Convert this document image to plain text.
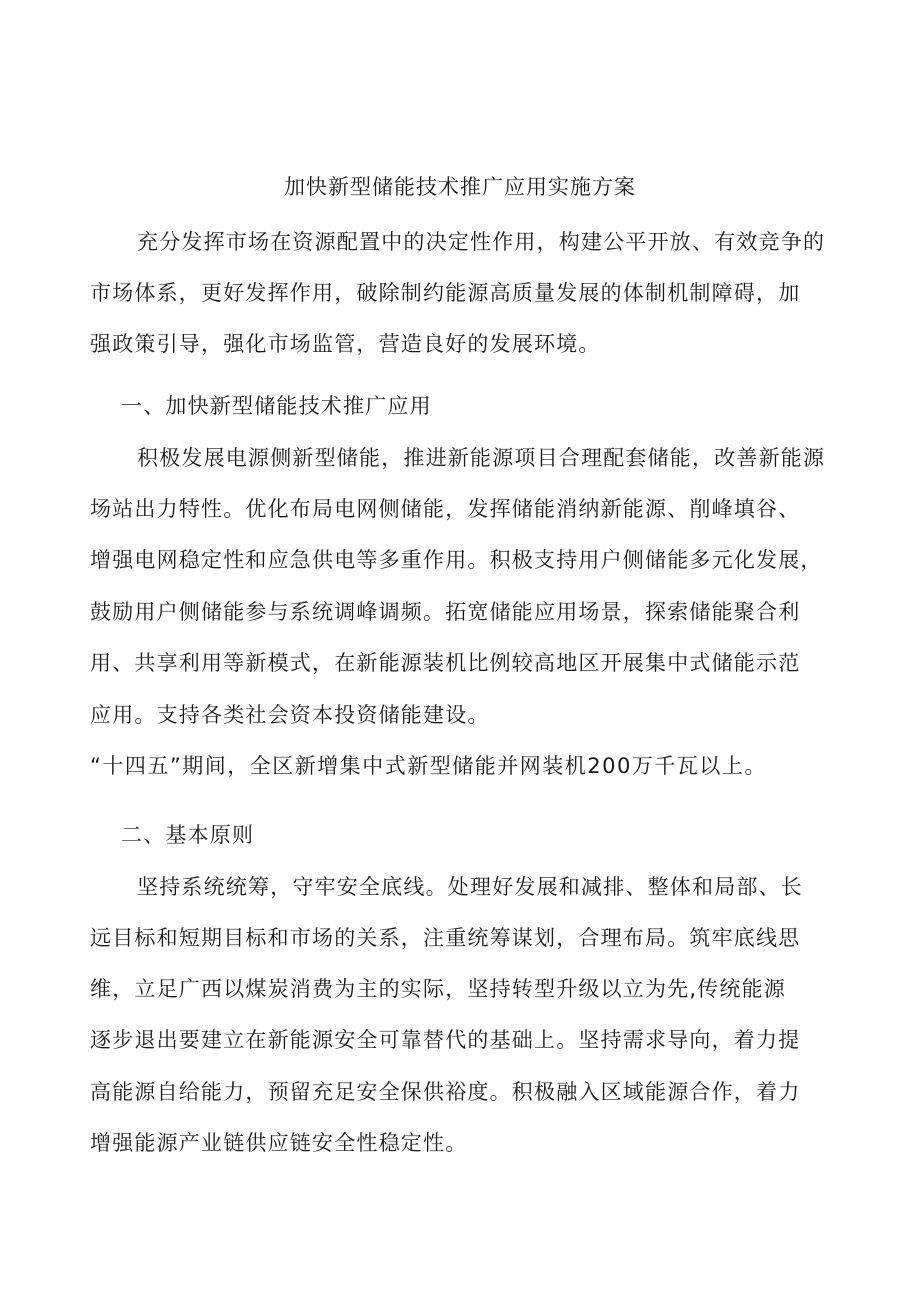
加快新型储能技术推广应用实施方案
充分发挥市场在资源配置中的决定性作用，构建公平开放、有效竞争的
市场体系，更好发挥作用，破除制约能源高质量发展的体制机制障碍，加
强政策引导，强化市场监管，营造良好的发展环境。
一、加快新型储能技术推广应用
积极发展电源侧新型储能，推进新能源项目合理配套储能，改善新能源
场站出力特性。优化布局电网侧储能，发挥储能消纳新能源、削峰填谷、
增强电网稳定性和应急供电等多重作用。积极支持用户侧储能多元化发展，
鼓励用户侧储能参与系统调峰调频。拓宽储能应用场景，探索储能聚合利
用、共享利用等新模式，在新能源装机比例较高地区开展集中式储能示范
应用。支持各类社会资本投资储能建设。
“十四五”期间，全区新增集中式新型储能并网装机200万千瓦以上。
二、基本原则
坚持系统统筹，守牢安全底线。处理好发展和减排、整体和局部、长
远目标和短期目标和市场的关系，注重统筹谋划，合理布局。筑牢底线思
维，立足广西以煤炭消费为主的实际，坚持转型升级以立为先,传统能源
逐步退出要建立在新能源安全可靠替代的基础上。坚持需求导向，着力提
高能源自给能力，预留充足安全保供裕度。积极融入区域能源合作，着力
增强能源产业链供应链安全性稳定性。
